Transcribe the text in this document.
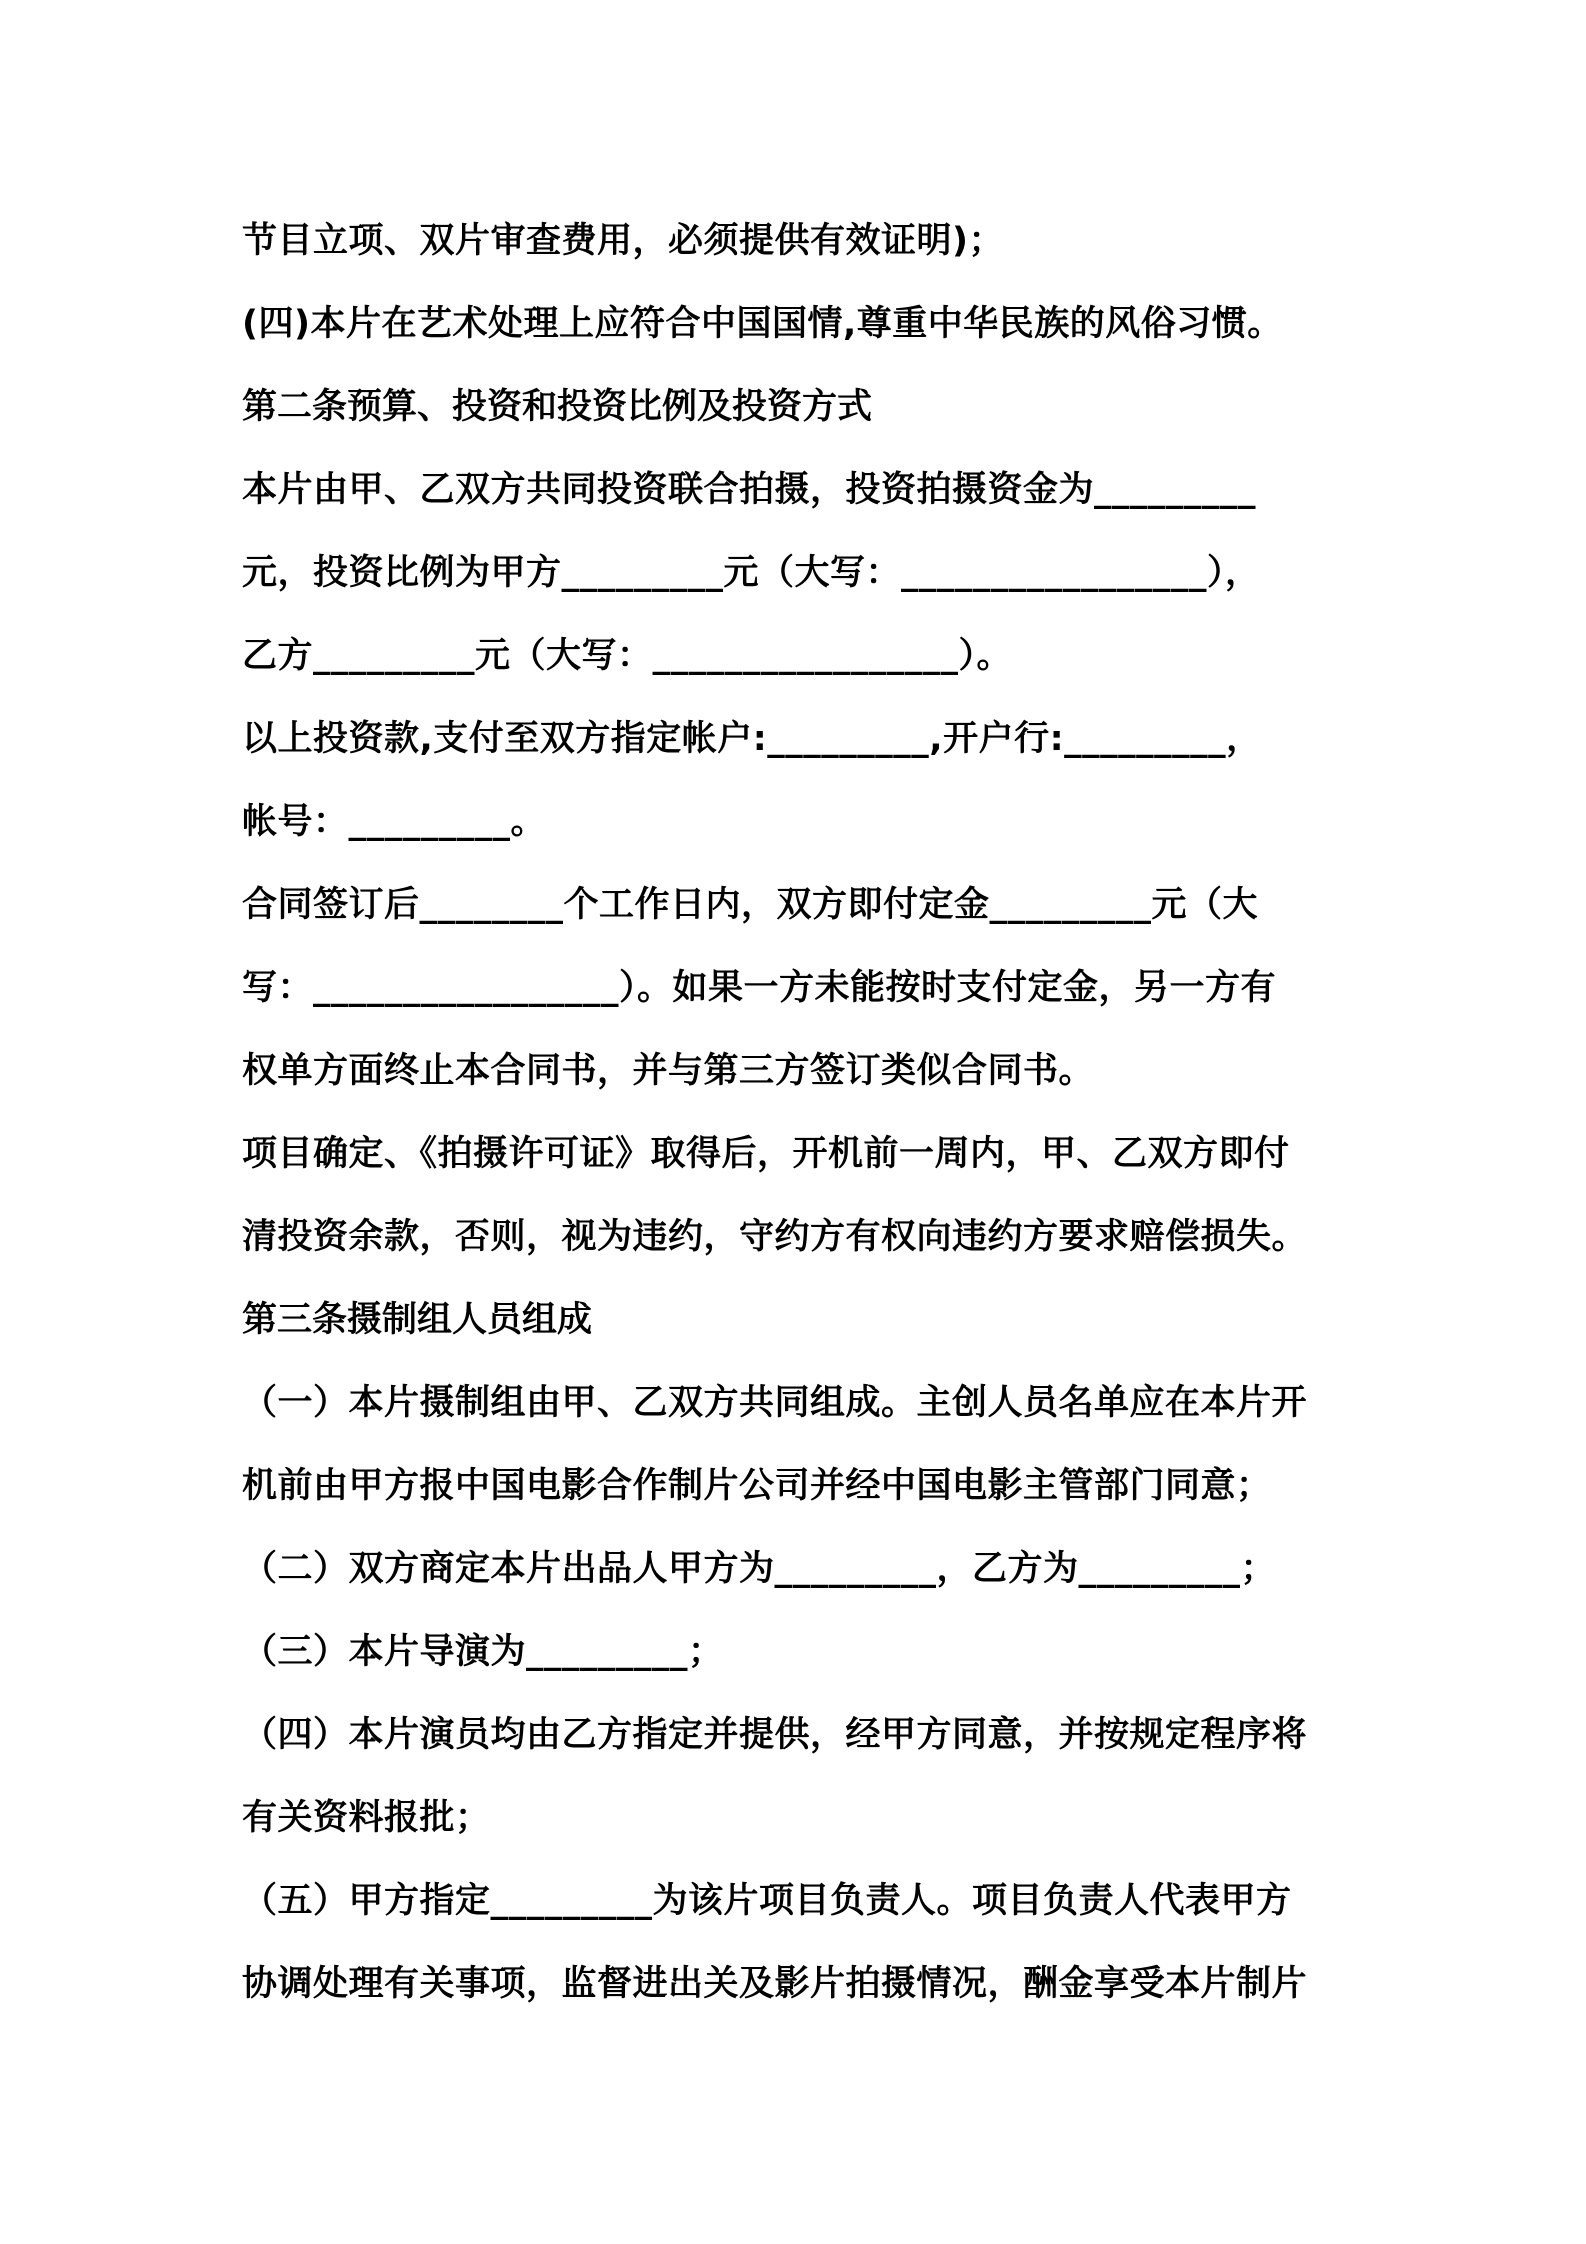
节目立项、双片审查费用，必须提供有效证明)；
(四)本片在艺术处理上应符合中国国情,尊重中华民族的风俗习惯。
第二条预算、投资和投资比例及投资方式
本片由甲、乙双方共同投资联合拍摄，投资拍摄资金为_________
元，投资比例为甲方_________元（大写：_________________），
乙方_________元（大写：_________________）。
以上投资款,支付至双方指定帐户:_________,开户行:_________，
帐号：_________。
合同签订后________个工作日内，双方即付定金_________元（大
写：_________________）。如果一方未能按时支付定金，另一方有
权单方面终止本合同书，并与第三方签订类似合同书。
项目确定、《拍摄许可证》取得后，开机前一周内，甲、乙双方即付
清投资余款，否则，视为违约，守约方有权向违约方要求赔偿损失。
第三条摄制组人员组成
（一）本片摄制组由甲、乙双方共同组成。主创人员名单应在本片开
机前由甲方报中国电影合作制片公司并经中国电影主管部门同意；
（二）双方商定本片出品人甲方为_________，乙方为_________；
（三）本片导演为_________；
（四）本片演员均由乙方指定并提供，经甲方同意，并按规定程序将
有关资料报批；
（五）甲方指定_________为该片项目负责人。项目负责人代表甲方
协调处理有关事项，监督进出关及影片拍摄情况，酬金享受本片制片
